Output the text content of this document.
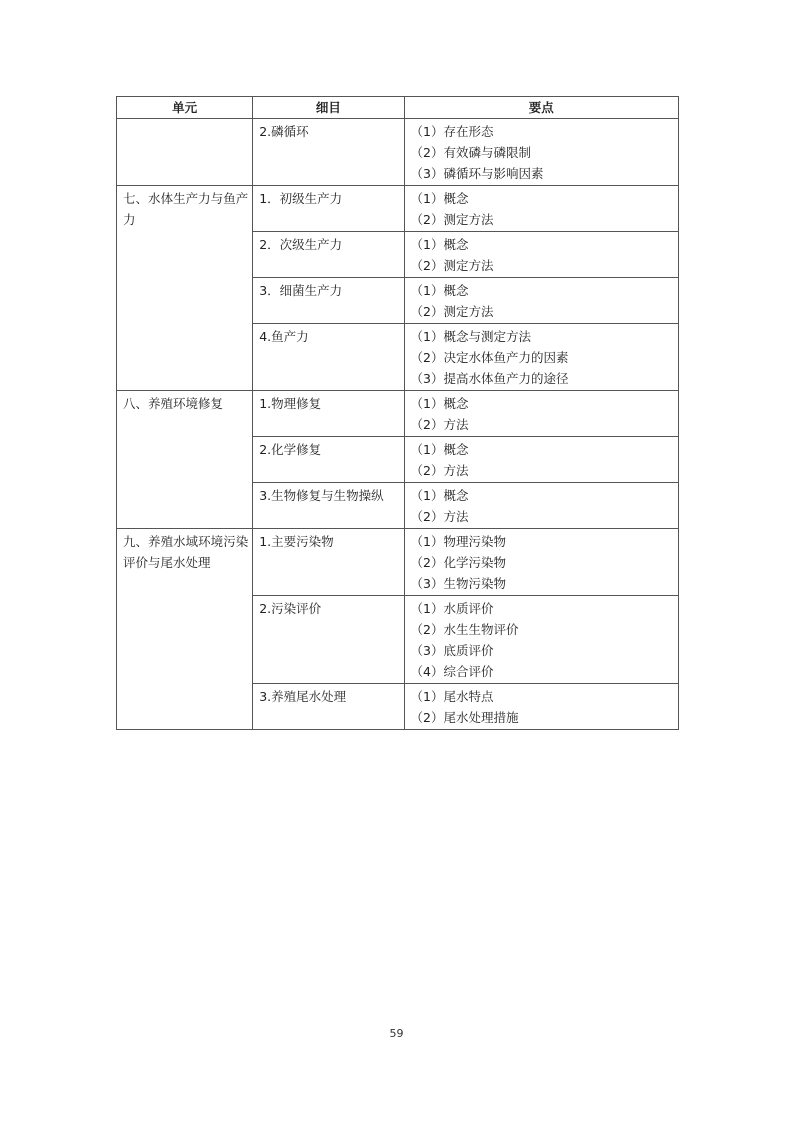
单元	细目	要点
	2.磷循环	（1）存在形态
（2）有效磷与磷限制
（3）磷循环与影响因素

七、水体生产力与鱼产力	1．初级生产力	（1）概念
（2）测定方法

	2．次级生产力	（1）概念
（2）测定方法

	3．细菌生产力	（1）概念
（2）测定方法

	4.鱼产力	（1）概念与测定方法
（2）决定水体鱼产力的因素
（3）提高水体鱼产力的途径

八、养殖环境修复	1.物理修复	（1）概念
（2）方法

	2.化学修复	（1）概念
（2）方法

	3.生物修复与生物操纵	（1）概念
（2）方法

九、养殖水域环境污染评价与尾水处理	1.主要污染物	（1）物理污染物
（2）化学污染物
（3）生物污染物

	2.污染评价	（1）水质评价
（2）水生生物评价
（3）底质评价
（4）综合评价

	3.养殖尾水处理	（1）尾水特点
（2）尾水处理措施
59
